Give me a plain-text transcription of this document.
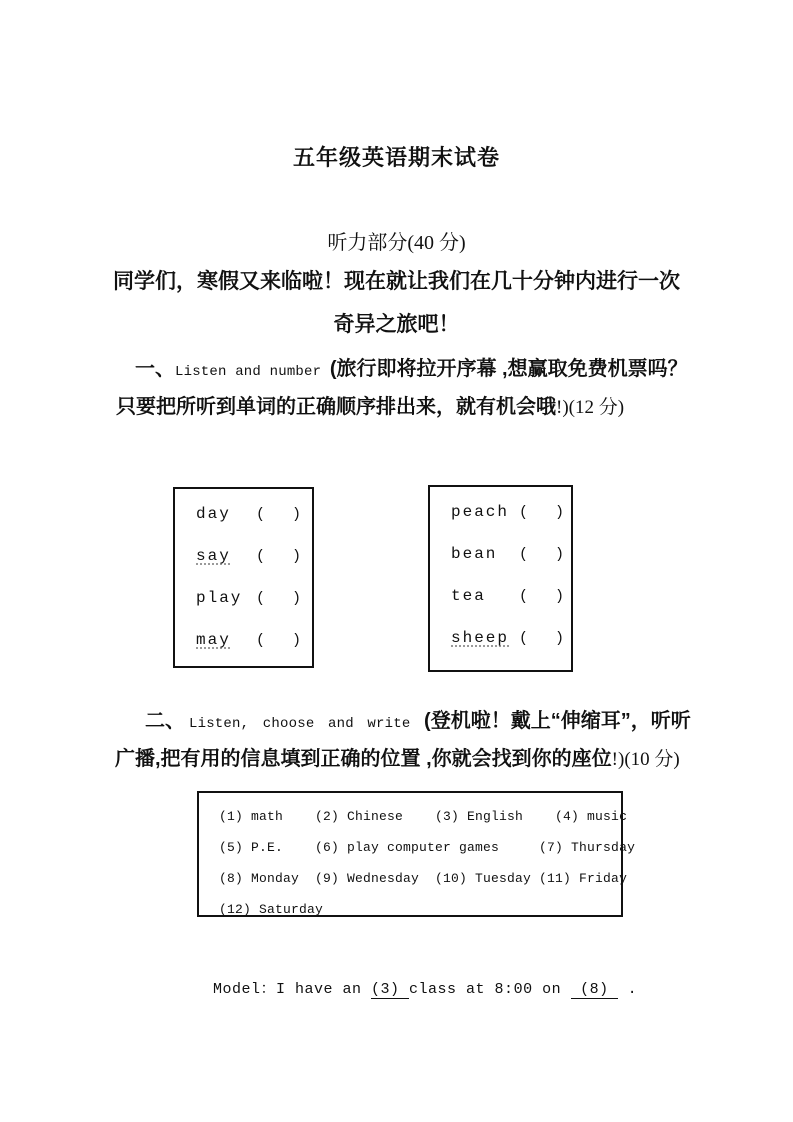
五年级英语期末试卷
听力部分(40 分)
同学们，寒假又来临啦！现在就让我们在几十分钟内进行一次
奇异之旅吧！
一、Listen and number (旅行即将拉开序幕 ,想赢取免费机票吗？
只要把所听到单词的正确顺序排出来，就有机会哦!)(12 分)
day	(  )
say	(  )
play (  )
may	(  )
peach (  )
bean	(  )
tea	(  )
sheep (  )
二、 Listen, choose and write (登机啦！戴上“伸缩耳”，听听
广播,把有用的信息填到正确的位置 ,你就会找到你的座位!)(10 分)
(1) math    (2) Chinese    (3) English    (4) music
(5) P.E.    (6) play computer games     (7) Thursday
(8) Monday  (9) Wednesday  (10) Tuesday (11) Friday
(12) Saturday
Model：I have an (3) class at 8:00 on  (8)  .
